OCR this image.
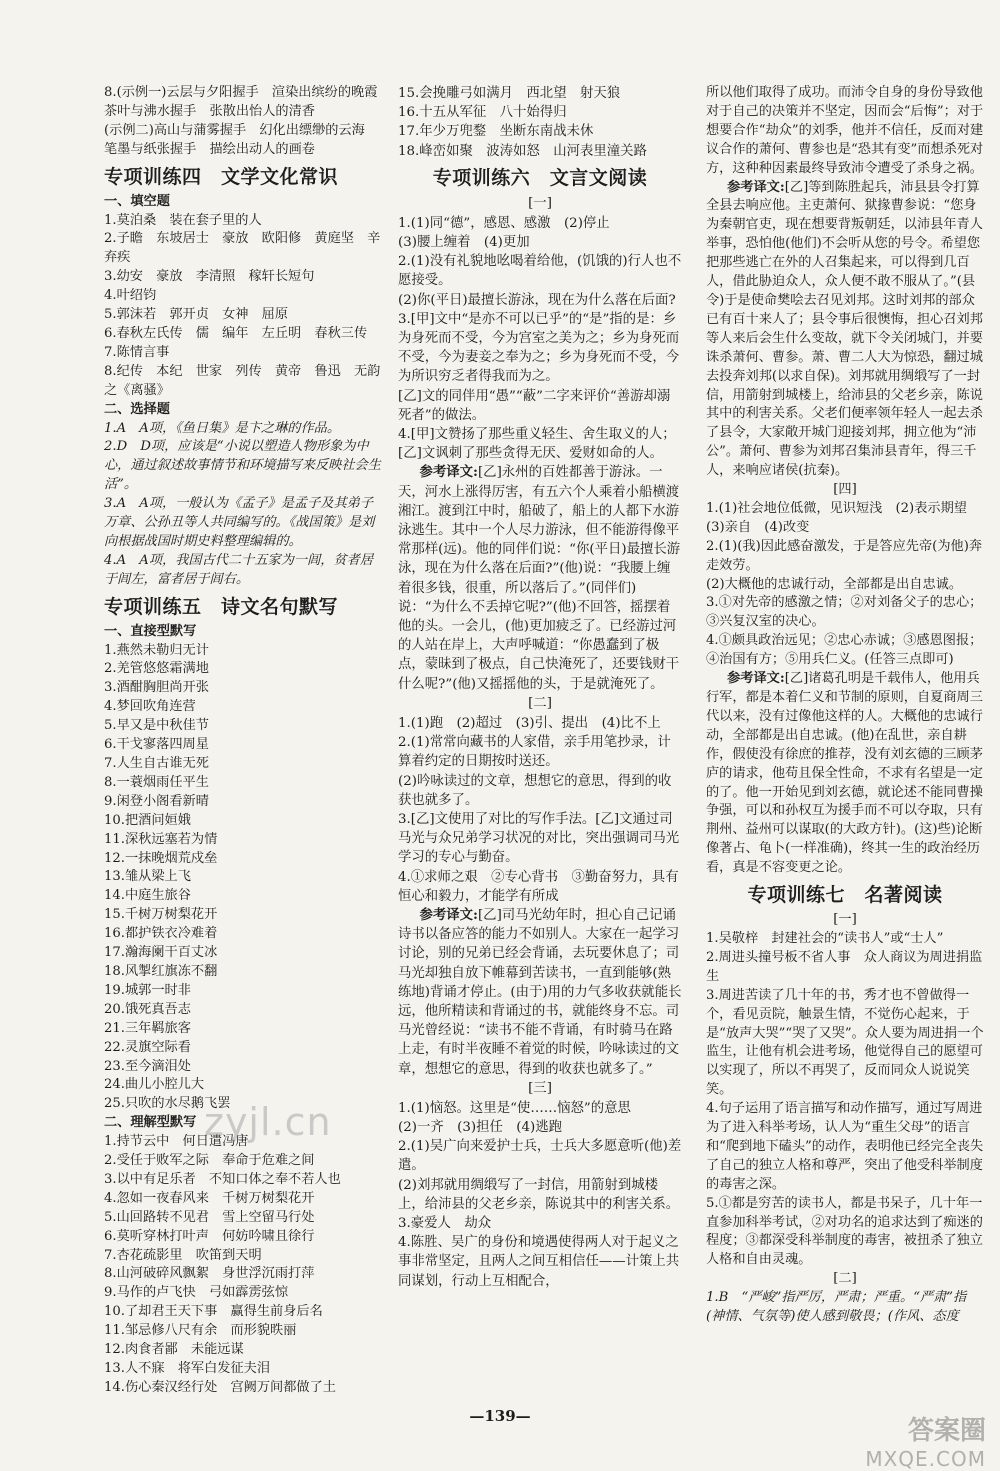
8.(示例一)云层与夕阳握手　渲染出缤纷的晚霞　茶叶与沸水握手　张散出怡人的清香

(示例二)高山与蒲雾握手　幻化出缥缈的云海　笔墨与纸张握手　描绘出动人的画卷

专项训练四　文学文化常识
一、填空题

1.莫泊桑　装在套子里的人

2.子瞻　东坡居士　豪放　欧阳修　黄庭坚　辛弃疾

3.幼安　豪放　李清照　稼轩长短句

4.叶绍钧

5.郭沫若　郭开贞　女神　屈原

6.春秋左氏传　儒　编年　左丘明　春秋三传

7.陈情言事

8.纪传　本纪　世家　列传　黄帝　鲁迅　无韵之《离骚》

二、选择题

1.A　A项，《鱼日集》是卞之琳的作品。

2.D　D项，应该是“小说以塑造人物形象为中心，通过叙述故事情节和环境描写来反映社会生活”。

3.A　A项，一般认为《孟子》是孟子及其弟子万章、公孙丑等人共同编写的。《战国策》是刘向根据战国时期史料整理编辑的。

4.A　A项，我国古代二十五家为一闾，贫者居于闾左，富者居于闾右。

专项训练五　诗文名句默写
一、直接型默写

1.燕然未勒归无计

2.羌管悠悠霜满地

3.酒酣胸胆尚开张

4.梦回吹角连营

5.早又是中秋佳节

6.干戈寥落四周星

7.人生自古谁无死

8.一蓑烟雨任平生

9.闲登小阁看新晴

10.把酒问姮娥

11.深秋远塞若为情

12.一抹晚烟荒戍垒

13.雏从梁上飞

14.中庭生旅谷

15.千树万树梨花开

16.都护铁衣冷难着

17.瀚海阑干百丈冰

18.风掣红旗冻不翻

19.城郭一时非

20.饿死真吾志

21.三年羁旅客

22.灵旗空际看

23.至今滴泪处

24.曲儿小腔儿大

25.只吹的水尽鹅飞罢

二、理解型默写

1.持节云中　何日遣冯唐

2.受任于败军之际　奉命于危难之间

3.以中有足乐者　不知口体之奉不若人也

4.忽如一夜春风来　千树万树梨花开

5.山回路转不见君　雪上空留马行处

6.莫听穿林打叶声　何妨吟啸且徐行

7.杏花疏影里　吹笛到天明

8.山河破碎风飘絮　身世浮沉雨打萍

9.马作的卢飞快　弓如霹雳弦惊

10.了却君王天下事　赢得生前身后名

11.邹忌修八尺有余　而形貌昳丽

12.肉食者鄙　未能远谋

13.人不寐　将军白发征夫泪

14.伤心秦汉经行处　宫阙万间都做了土

15.会挽雕弓如满月　西北望　射天狼

16.十五从军征　八十始得归

17.年少万兜鍪　坐断东南战未休

18.峰峦如聚　波涛如怒　山河表里潼关路

专项训练六　文言文阅读

[一]

1.(1)同“德”，感恩、感激　(2)停止

(3)腰上缠着　(4)更加

2.(1)没有礼貌地吆喝着给他，(饥饿的)行人也不愿接受。

(2)你(平日)最擅长游泳，现在为什么落在后面?

3.[甲]文中“是亦不可以已乎”的“是”指的是：乡为身死而不受，今为宫室之美为之；乡为身死而不受，今为妻妾之奉为之；乡为身死而不受，今为所识穷乏者得我而为之。

[乙]文的同伴用“愚”“蔽”二字来评价“善游却溺死者”的做法。

4.[甲]文赞扬了那些重义轻生、舍生取义的人；[乙]文讽刺了那些贪得无厌、爱财如命的人。

参考译文:[乙]永州的百姓都善于游泳。一天，河水上涨得厉害，有五六个人乘着小船横渡湘江。渡到江中时，船破了，船上的人都下水游泳逃生。其中一个人尽力游泳，但不能游得像平常那样(远)。他的同伴们说：“你(平日)最擅长游泳，现在为什么落在后面?”(他)说：“我腰上缠着很多钱，很重，所以落后了。”(同伴们)说：“为什么不丢掉它呢?”(他)不回答，摇摆着他的头。一会儿，(他)更加疲乏了。已经游过河的人站在岸上，大声呼喊道：“你愚蠢到了极点，蒙昧到了极点，自己快淹死了，还要钱财干什么呢?”(他)又摇摇他的头，于是就淹死了。

[二]

1.(1)跑　(2)超过　(3)引、提出　(4)比不上

2.(1)常常向藏书的人家借，亲手用笔抄录，计算着约定的日期按时送还。

(2)吟咏读过的文章，想想它的意思，得到的收获也就多了。

3.[乙]文使用了对比的写作手法。[乙]文通过司马光与众兄弟学习状况的对比，突出强调司马光学习的专心与勤奋。

4.①求师之艰　②专心背书　③勤奋努力，具有恒心和毅力，才能学有所成

参考译文:[乙]司马光幼年时，担心自己记诵诗书以备应答的能力不如别人。大家在一起学习讨论，别的兄弟已经会背诵，去玩要休息了；司马光却独自放下帷幕到苦读书，一直到能够(熟练地)背诵才停止。(由于)用的力气多收获就能长远，他所精读和背诵过的书，就能终身不忘。司马光曾经说：“读书不能不背诵，有时骑马在路上走，有时半夜睡不着觉的时候，吟咏读过的文章，想想它的意思，得到的收获也就多了。”

[三]

1.(1)恼怒。这里是“使……恼怒”的意思

(2)一齐　(3)担任　(4)逃跑

2.(1)吴广向来爱护士兵，士兵大多愿意听(他)差遣。

(2)刘邦就用绸缎写了一封信，用箭射到城楼上，给沛县的父老乡亲，陈说其中的利害关系。

3.豪爱人　劫众

4.陈胜、吴广的身份和境遇使得两人对于起义之事非常坚定，且两人之间互相信任——计策上共同谋划，行动上互相配合，

所以他们取得了成功。而沛令自身的身份导致他对于自己的决策并不坚定，因而会“后悔”；对于想要合作“劫众”的刘季，他并不信任，反而对建议合作的萧何、曹参也是“恐其有变”而想杀死对方，这种种因素最终导致沛令遭受了杀身之祸。

参考译文:[乙]等到陈胜起兵，沛县县令打算全县去响应他。主吏萧何、狱掾曹参说：“您身为秦朝官吏，现在想要背叛朝廷，以沛县年青人举事，恐怕他(他们)不会听从您的号令。希望您把那些逃亡在外的人召集起来，可以得到几百人，借此胁迫众人，众人便不敢不服从了。”(县令)于是使命樊哙去召见刘邦。这时刘邦的部众已有百十来人了；县令事后很懊悔，担心召刘邦等人来后会生什么变故，就下令关闭城门，并要诛杀萧何、曹参。萧、曹二人大为惊恐，翻过城去投奔刘邦(以求自保)。刘邦就用绸缎写了一封信，用箭射到城楼上，给沛县的父老乡亲，陈说其中的利害关系。父老们便率领年轻人一起去杀了县令，大家敞开城门迎接刘邦，拥立他为“沛公”。萧何、曹参为刘邦召集沛县青年，得三千人，来响应诸侯(抗秦)。

[四]

1.(1)社会地位低微，见识短浅　(2)表示期望　(3)亲自　(4)改变

2.(1)(我)因此感奋激发，于是答应先帝(为他)奔走效劳。

(2)大概他的忠诚行动，全部都是出自忠诚。

3.①对先帝的感激之情；②对刘备父子的忠心；③兴复汉室的决心。

4.①颇具政治远见；②忠心赤诚；③感恩图报；④治国有方；⑤用兵仁义。(任答三点即可)

参考译文:[乙]诸葛孔明是千载伟人，他用兵行军，都是本着仁义和节制的原则，自夏商周三代以来，没有过像他这样的人。大概他的忠诚行动，全部都是出自忠诚。(他)在乱世，亲自耕作，假使没有徐庶的推荐，没有刘玄德的三顾茅庐的请求，他苟且保全性命，不求有名望是一定的了。他一开始见到刘玄德，就论述不能同曹操争强，可以和孙权互为援手而不可以夺取，只有荆州、益州可以谋取(的大政方针)。(这)些)论断像著占、龟卜(一样准确)，终其一生的政治经历看，真是不容变更之论。

专项训练七　名著阅读

[一]

1.吴敬梓　封建社会的“读书人”或“士人”

2.周进头撞号板不省人事　众人商议为周进捐监生

3.周进苦读了几十年的书，秀才也不曾做得一个，看见贡院，触景生情，不觉伤心起来，于是“放声大哭”“哭了又哭”。众人要为周进捐一个监生，让他有机会进考场，他觉得自己的愿望可以实现了，所以不再哭了，反而同众人说说笑笑。

4.句子运用了语言描写和动作描写，通过写周进为了进入科举考场，认人为“重生父母”的语言和“爬到地下磕头”的动作，表明他已经完全丧失了自己的独立人格和尊严，突出了他受科举制度的毒害之深。

5.①都是穷苦的读书人，都是书呆子，几十年一直参加科举考试，②对功名的追求达到了痴迷的程度；③都深受科举制度的毒害，被扭杀了独立人格和自由灵魂。

[二]

1.B　“严峻”指严厉，严肃；严重。“严肃”指(神情、气氛等)使人感到敬畏；(作风、态度

zyjl.cn
答案圈
MXQE.COM
—139—
